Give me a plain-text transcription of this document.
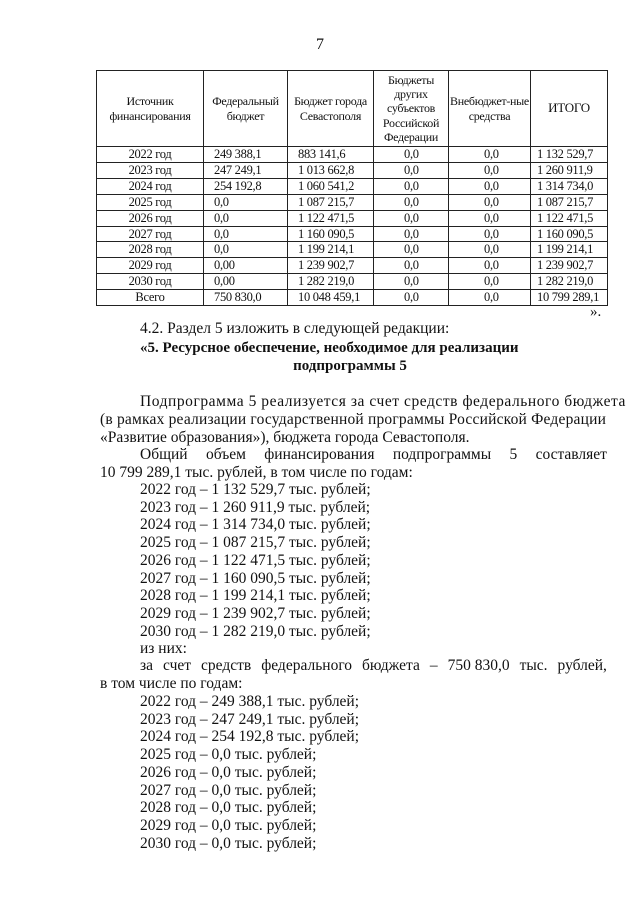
7
Источник финансирования	Федеральный бюджет	Бюджет города Севастополя	Бюджеты других субъектов Российской Федерации	Внебюджет-ные средства	ИТОГО
2022 год	249 388,1	883 141,6	0,0	0,0	1 132 529,7
2023 год	247 249,1	1 013 662,8	0,0	0,0	1 260 911,9
2024 год	254 192,8	1 060 541,2	0,0	0,0	1 314 734,0
2025 год	0,0	1 087 215,7	0,0	0,0	1 087 215,7
2026 год	0,0	1 122 471,5	0,0	0,0	1 122 471,5
2027 год	0,0	1 160 090,5	0,0	0,0	1 160 090,5
2028 год	0,0	1 199 214,1	0,0	0,0	1 199 214,1
2029 год	0,00	1 239 902,7	0,0	0,0	1 239 902,7
2030 год	0,00	1 282 219,0	0,0	0,0	1 282 219,0
Всего	750 830,0	10 048 459,1	0,0	0,0	10 799 289,1
».
4.2. Раздел 5 изложить в следующей редакции:
«5. Ресурсное обеспечение, необходимое для реализации
подпрограммы 5
Подпрограмма 5 реализуется за счет средств федерального бюджета
(в рамках реализации государственной программы Российской Федерации
«Развитие образования»), бюджета города Севастополя.
Общий объем финансирования подпрограммы 5 составляет
10 799 289,1 тыс. рублей, в том числе по годам:
2022 год – 1 132 529,7 тыс. рублей;
2023 год – 1 260 911,9 тыс. рублей;
2024 год – 1 314 734,0 тыс. рублей;
2025 год – 1 087 215,7 тыс. рублей;
2026 год – 1 122 471,5 тыс. рублей;
2027 год – 1 160 090,5 тыс. рублей;
2028 год – 1 199 214,1 тыс. рублей;
2029 год – 1 239 902,7 тыс. рублей;
2030 год – 1 282 219,0 тыс. рублей;
из них:
за счет средств федерального бюджета – 750 830,0 тыс. рублей,
в том числе по годам:
2022 год – 249 388,1 тыс. рублей;
2023 год – 247 249,1 тыс. рублей;
2024 год – 254 192,8 тыс. рублей;
2025 год – 0,0 тыс. рублей;
2026 год – 0,0 тыс. рублей;
2027 год – 0,0 тыс. рублей;
2028 год – 0,0 тыс. рублей;
2029 год – 0,0 тыс. рублей;
2030 год – 0,0 тыс. рублей;
